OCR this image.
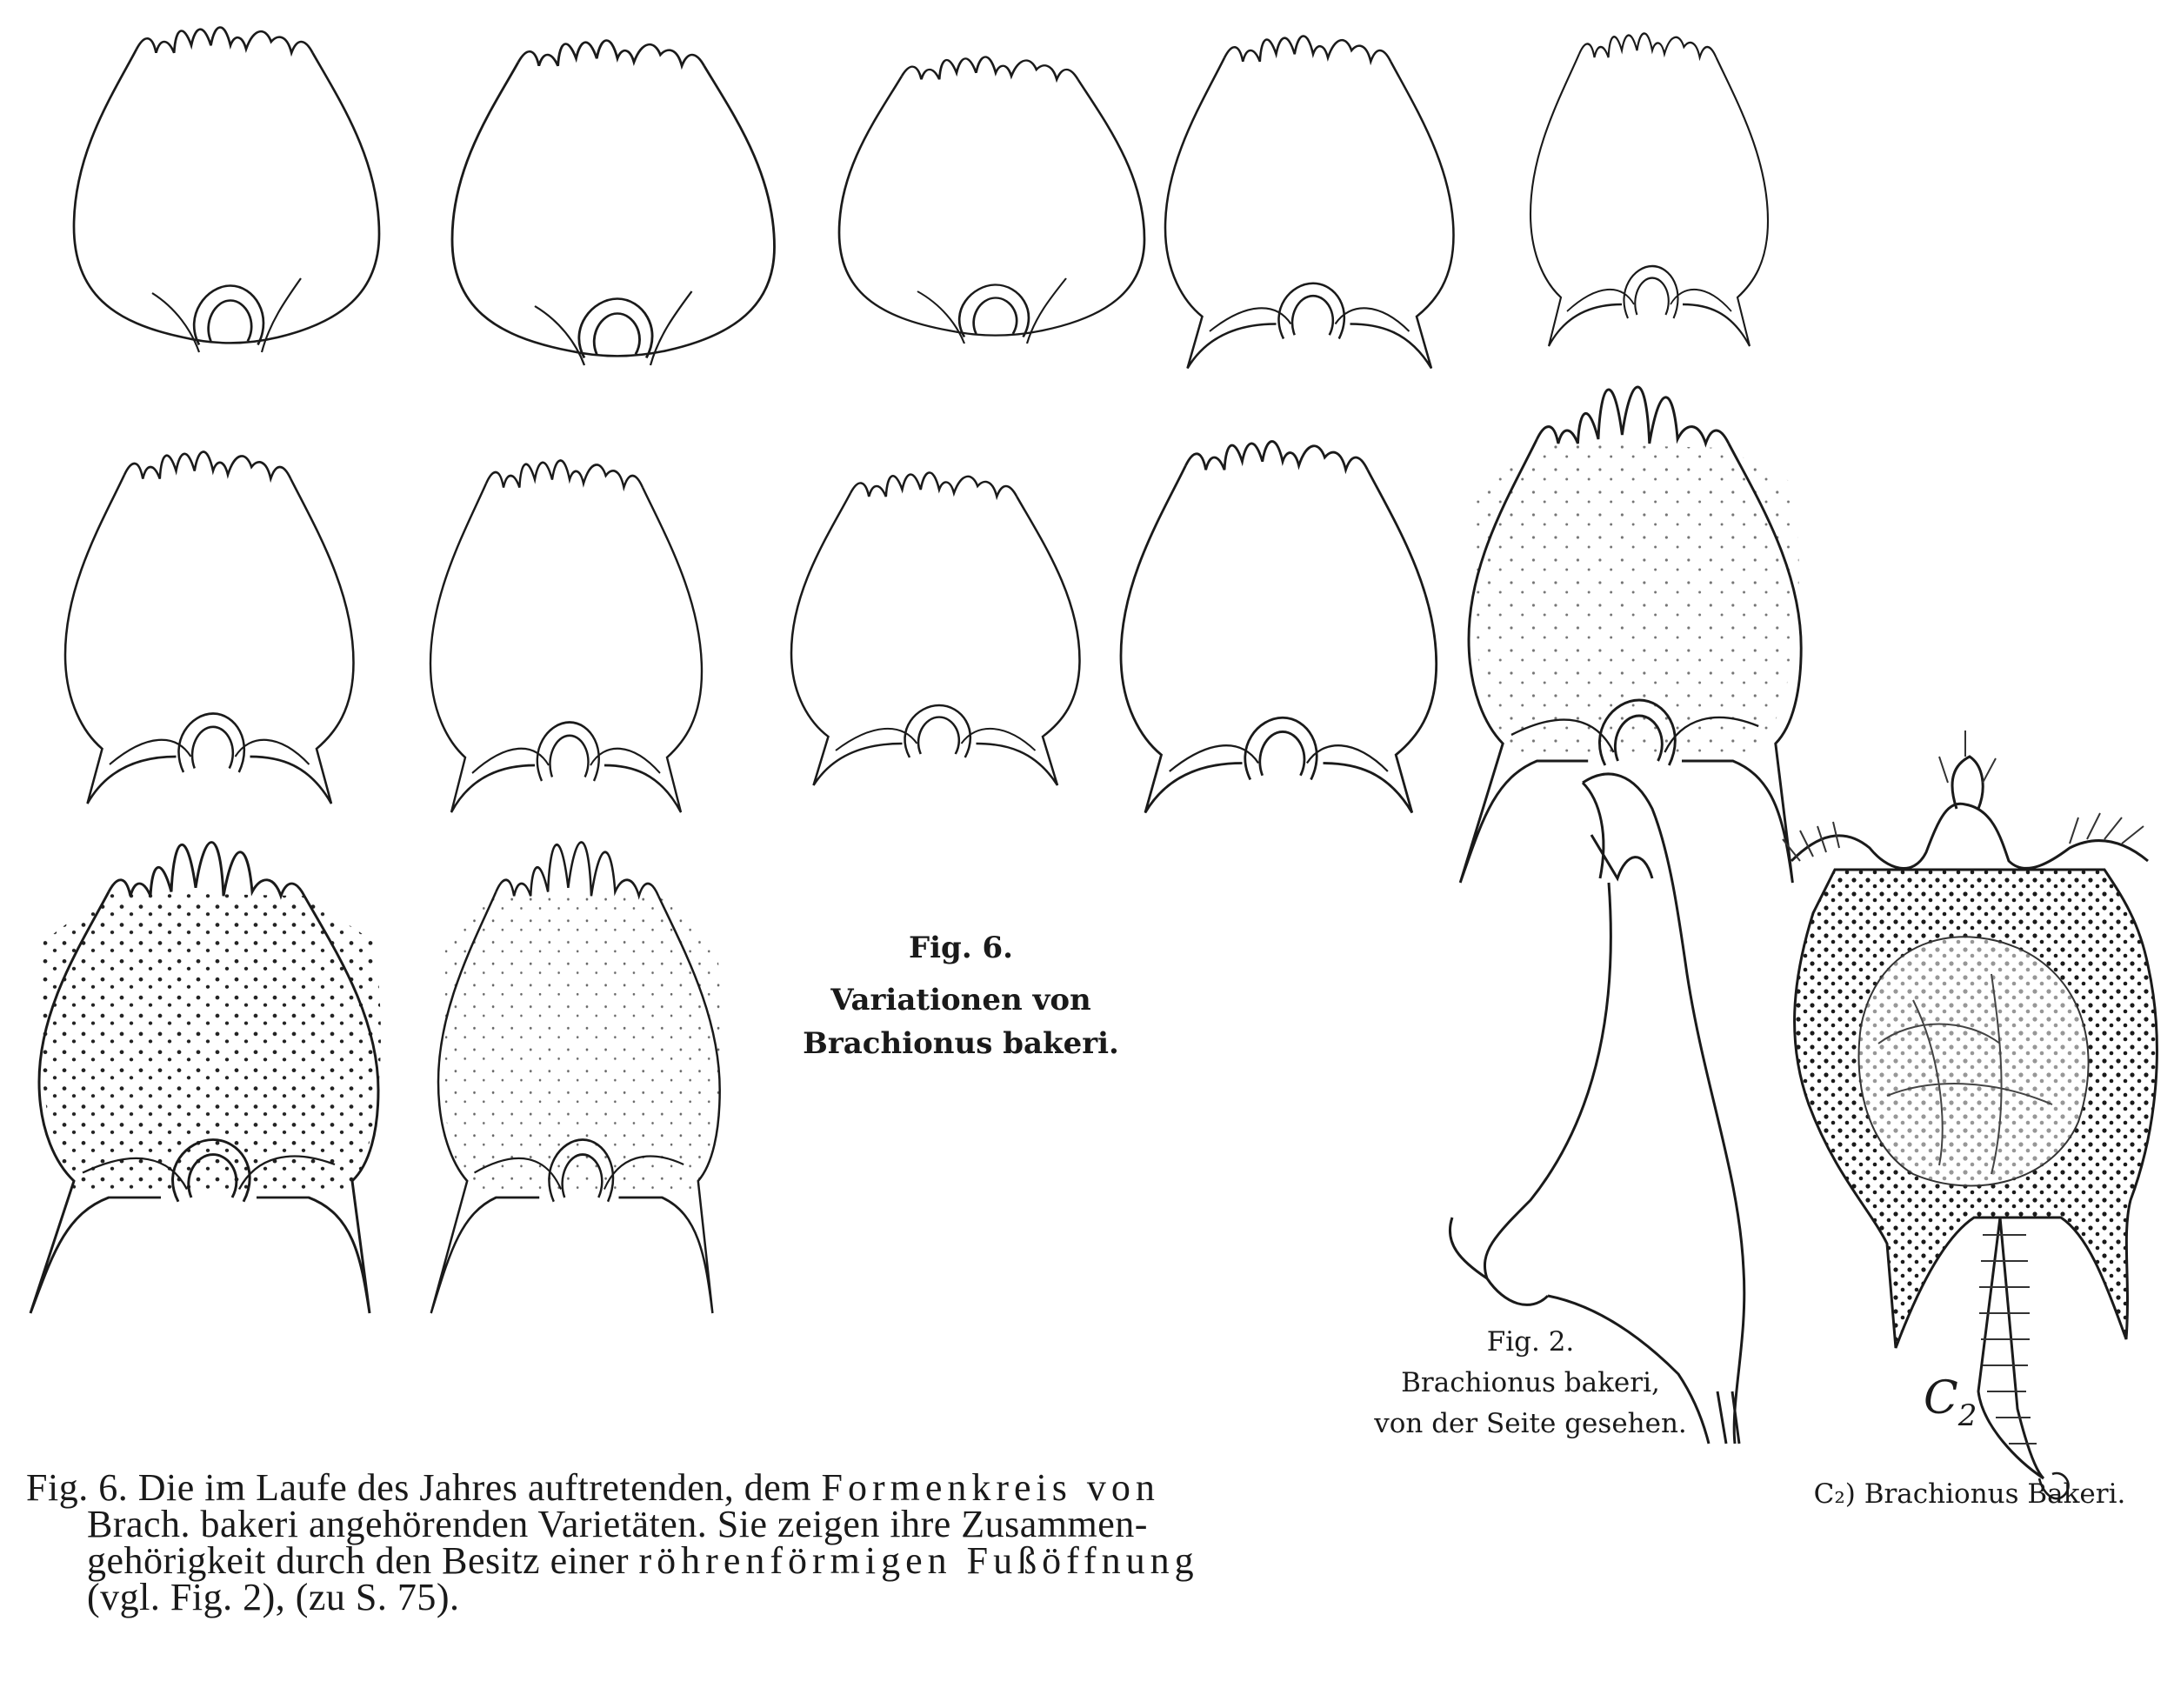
$C_2$
Fig. 6.
Variationen von
Brachionus bakeri.
Fig. 2.
Brachionus bakeri,
von der Seite gesehen.
C₂) Brachionus Bakeri.
Fig. 6. Die im Laufe des Jahres auftretenden, dem Formenkreis von
Brach. bakeri angehörenden Varietäten. Sie zeigen ihre Zusammen-
gehörigkeit durch den Besitz einer röhrenförmigen Fußöffnung
(vgl. Fig. 2), (zu S. 75).
